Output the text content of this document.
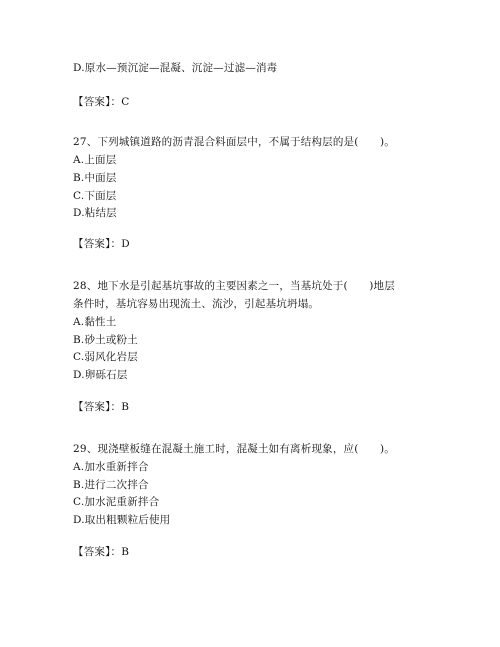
D.原水—预沉淀—混凝、沉淀—过滤—消毒
【答案】：C
27、下列城镇道路的沥青混合料面层中，不属于结构层的是(　　)。
A.上面层
B.中面层
C.下面层
D.粘结层
【答案】：D
28、地下水是引起基坑事故的主要因素之一，当基坑处于(　　)地层
条件时，基坑容易出现流土、流沙，引起基坑坍塌。
A.黏性土
B.砂土或粉土
C.弱风化岩层
D.卵砾石层
【答案】：B
29、现浇壁板缝在混凝土施工时，混凝土如有离析现象，应(　　)。
A.加水重新拌合
B.进行二次拌合
C.加水泥重新拌合
D.取出粗颗粒后使用
【答案】：B
